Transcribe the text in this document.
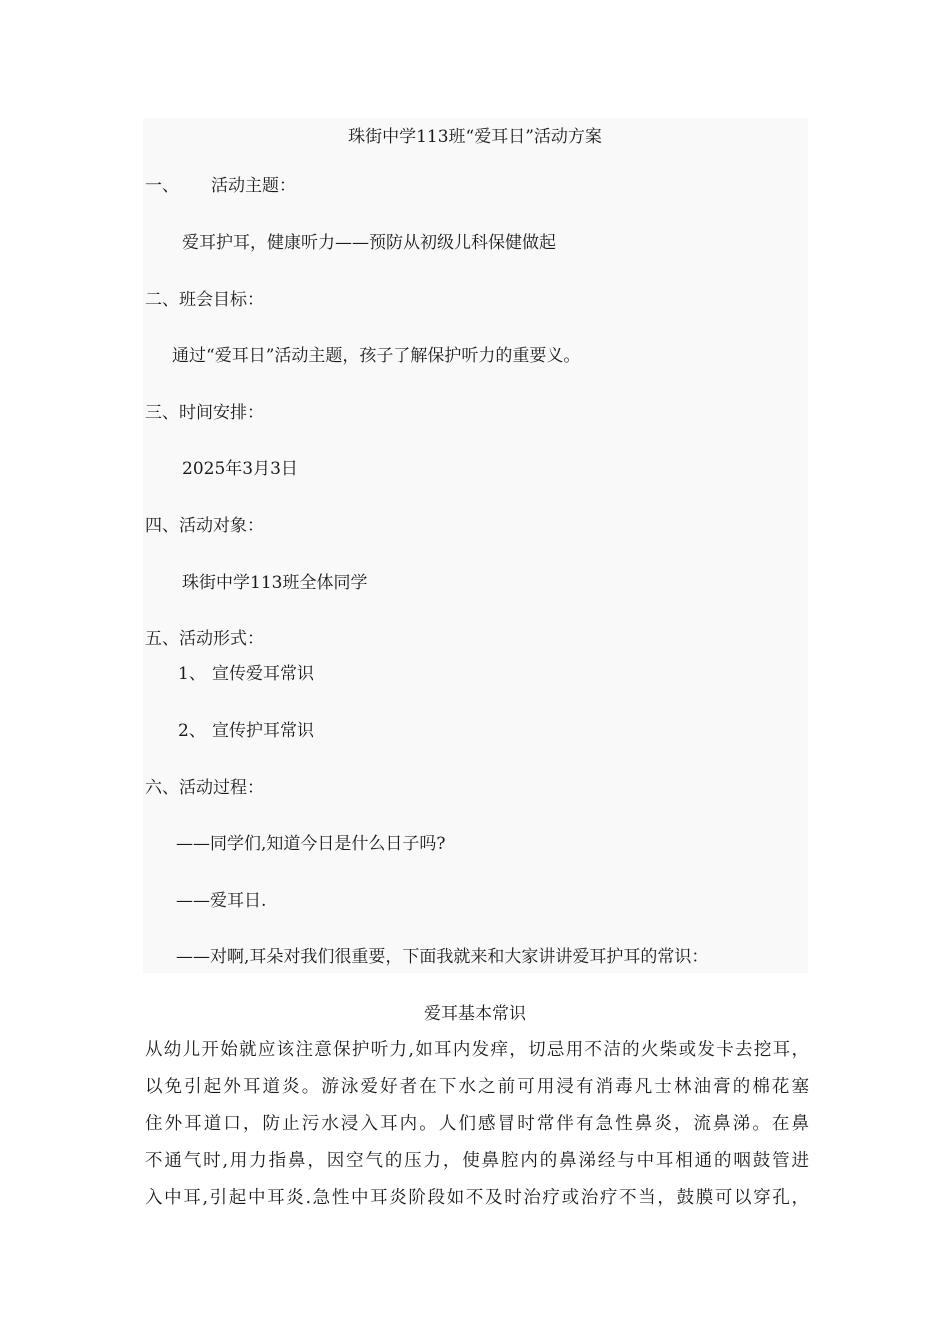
珠街中学113班“爱耳日”活动方案
一、 活动主题：
爱耳护耳，健康听力——预防从初级儿科保健做起
二、班会目标：
通过“爱耳日”活动主题，孩子了解保护听力的重要义。
三、时间安排：
2025年3月3日
四、活动对象：
珠街中学113班全体同学
五、活动形式：
1、 宣传爱耳常识
2、 宣传护耳常识
六、活动过程：
——同学们,知道今日是什么日子吗?
——爱耳日.
——对啊,耳朵对我们很重要，下面我就来和大家讲讲爱耳护耳的常识：
爱耳基本常识
从幼儿开始就应该注意保护听力,如耳内发痒，切忌用不洁的火柴或发卡去挖耳，
以免引起外耳道炎。游泳爱好者在下水之前可用浸有消毒凡士林油膏的棉花塞
住外耳道口，防止污水浸入耳内。人们感冒时常伴有急性鼻炎，流鼻涕。在鼻
不通气时,用力指鼻，因空气的压力，使鼻腔内的鼻涕经与中耳相通的咽鼓管进
入中耳,引起中耳炎.急性中耳炎阶段如不及时治疗或治疗不当，鼓膜可以穿孔，
